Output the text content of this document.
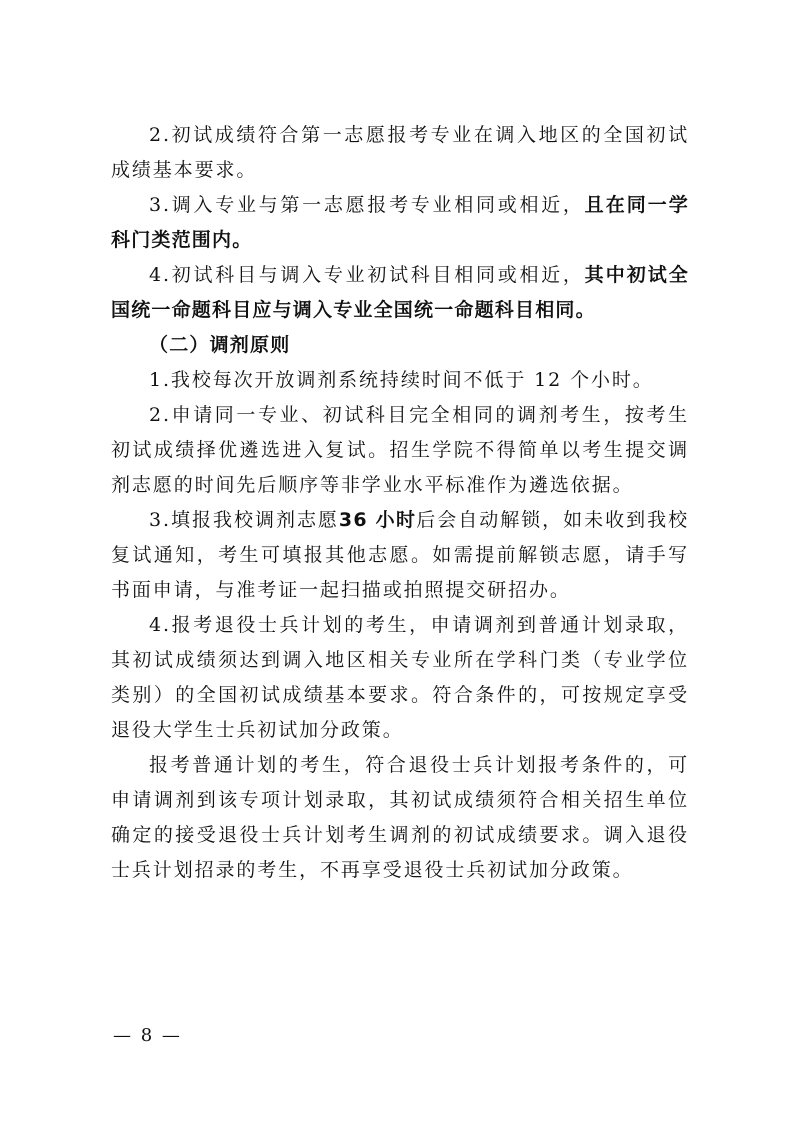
2.初试成绩符合第一志愿报考专业在调入地区的全国初试成绩基本要求。

3.调入专业与第一志愿报考专业相同或相近，且在同一学科门类范围内。

4.初试科目与调入专业初试科目相同或相近，其中初试全国统一命题科目应与调入专业全国统一命题科目相同。

（二）调剂原则

1.我校每次开放调剂系统持续时间不低于 12 个小时。

2.申请同一专业、初试科目完全相同的调剂考生，按考生初试成绩择优遴选进入复试。招生学院不得简单以考生提交调剂志愿的时间先后顺序等非学业水平标准作为遴选依据。

3.填报我校调剂志愿36 小时后会自动解锁，如未收到我校复试通知，考生可填报其他志愿。如需提前解锁志愿，请手写书面申请，与准考证一起扫描或拍照提交研招办。

4.报考退役士兵计划的考生，申请调剂到普通计划录取，其初试成绩须达到调入地区相关专业所在学科门类（专业学位类别）的全国初试成绩基本要求。符合条件的，可按规定享受退役大学生士兵初试加分政策。

报考普通计划的考生，符合退役士兵计划报考条件的，可申请调剂到该专项计划录取，其初试成绩须符合相关招生单位确定的接受退役士兵计划考生调剂的初试成绩要求。调入退役士兵计划招录的考生，不再享受退役士兵初试加分政策。

— 8 —
